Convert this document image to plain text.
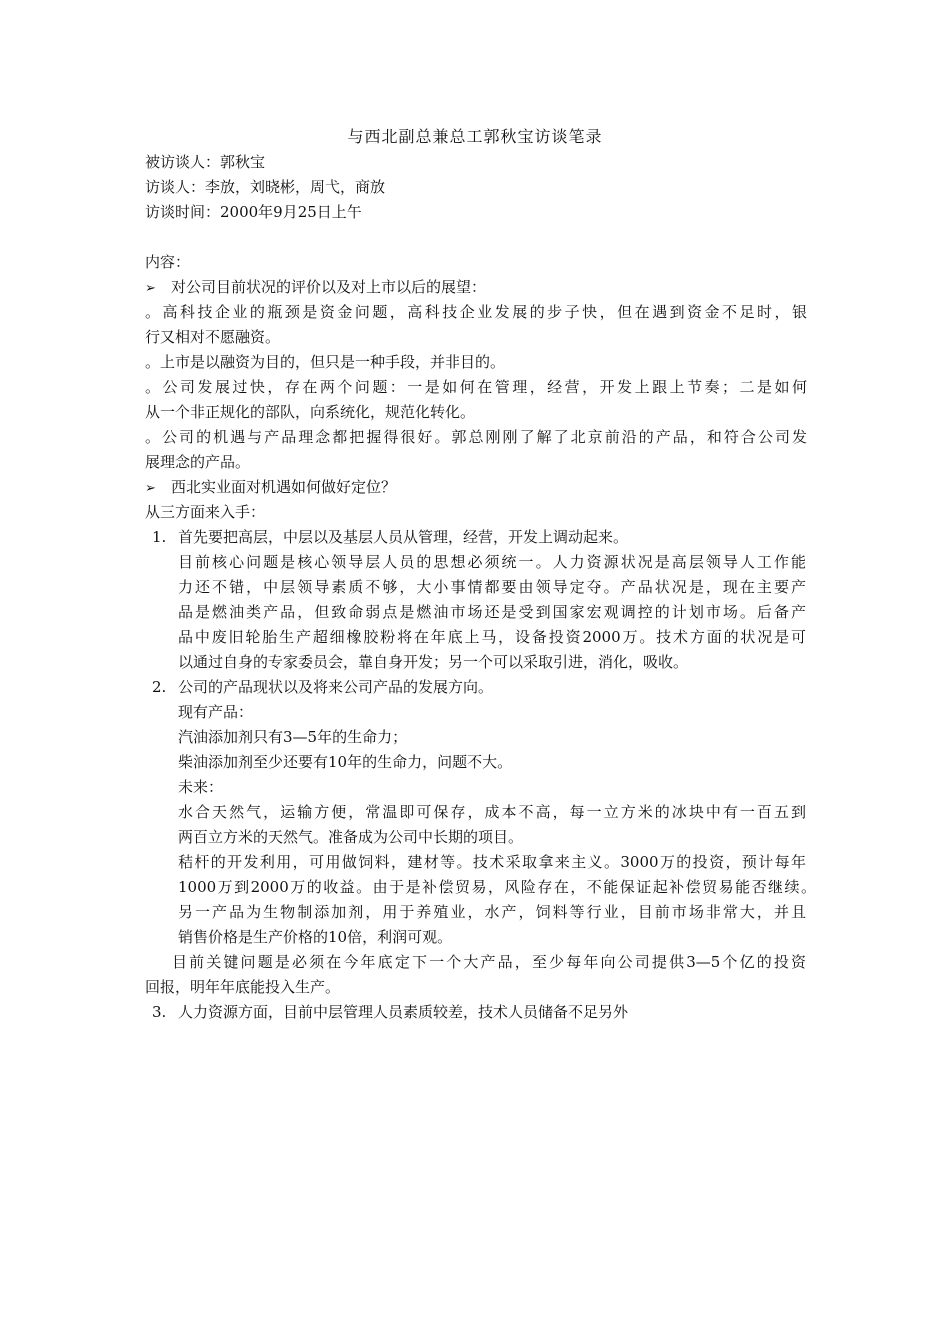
与西北副总兼总工郭秋宝访谈笔录
被访谈人：郭秋宝
访谈人：李放，刘晓彬，周弋，商放
访谈时间：2000年9月25日上午
内容：
➢ 对公司目前状况的评价以及对上市以后的展望：
。高科技企业的瓶颈是资金问题，高科技企业发展的步子快，但在遇到资金不足时，银
行又相对不愿融资。
。上市是以融资为目的，但只是一种手段，并非目的。
。公司发展过快，存在两个问题：一是如何在管理，经营，开发上跟上节奏；二是如何
从一个非正规化的部队，向系统化，规范化转化。
。公司的机遇与产品理念都把握得很好。郭总刚刚了解了北京前沿的产品，和符合公司发
展理念的产品。
➢ 西北实业面对机遇如何做好定位？
从三方面来入手：
1. 首先要把高层，中层以及基层人员从管理，经营，开发上调动起来。
目前核心问题是核心领导层人员的思想必须统一。人力资源状况是高层领导人工作能
力还不错，中层领导素质不够，大小事情都要由领导定夺。产品状况是，现在主要产
品是燃油类产品，但致命弱点是燃油市场还是受到国家宏观调控的计划市场。后备产
品中废旧轮胎生产超细橡胶粉将在年底上马，设备投资2000万。技术方面的状况是可
以通过自身的专家委员会，靠自身开发；另一个可以采取引进，消化，吸收。
2. 公司的产品现状以及将来公司产品的发展方向。
现有产品：
汽油添加剂只有3—5年的生命力；
柴油添加剂至少还要有10年的生命力，问题不大。
未来：
水合天然气，运输方便，常温即可保存，成本不高，每一立方米的冰块中有一百五到
两百立方米的天然气。准备成为公司中长期的项目。
秸杆的开发利用，可用做饲料，建材等。技术采取拿来主义。3000万的投资，预计每年
1000万到2000万的收益。由于是补偿贸易，风险存在，不能保证起补偿贸易能否继续。
另一产品为生物制添加剂，用于养殖业，水产，饲料等行业，目前市场非常大，并且
销售价格是生产价格的10倍，利润可观。
目前关键问题是必须在今年底定下一个大产品，至少每年向公司提供3—5个亿的投资
回报，明年年底能投入生产。
3. 人力资源方面，目前中层管理人员素质较差，技术人员储备不足另外
